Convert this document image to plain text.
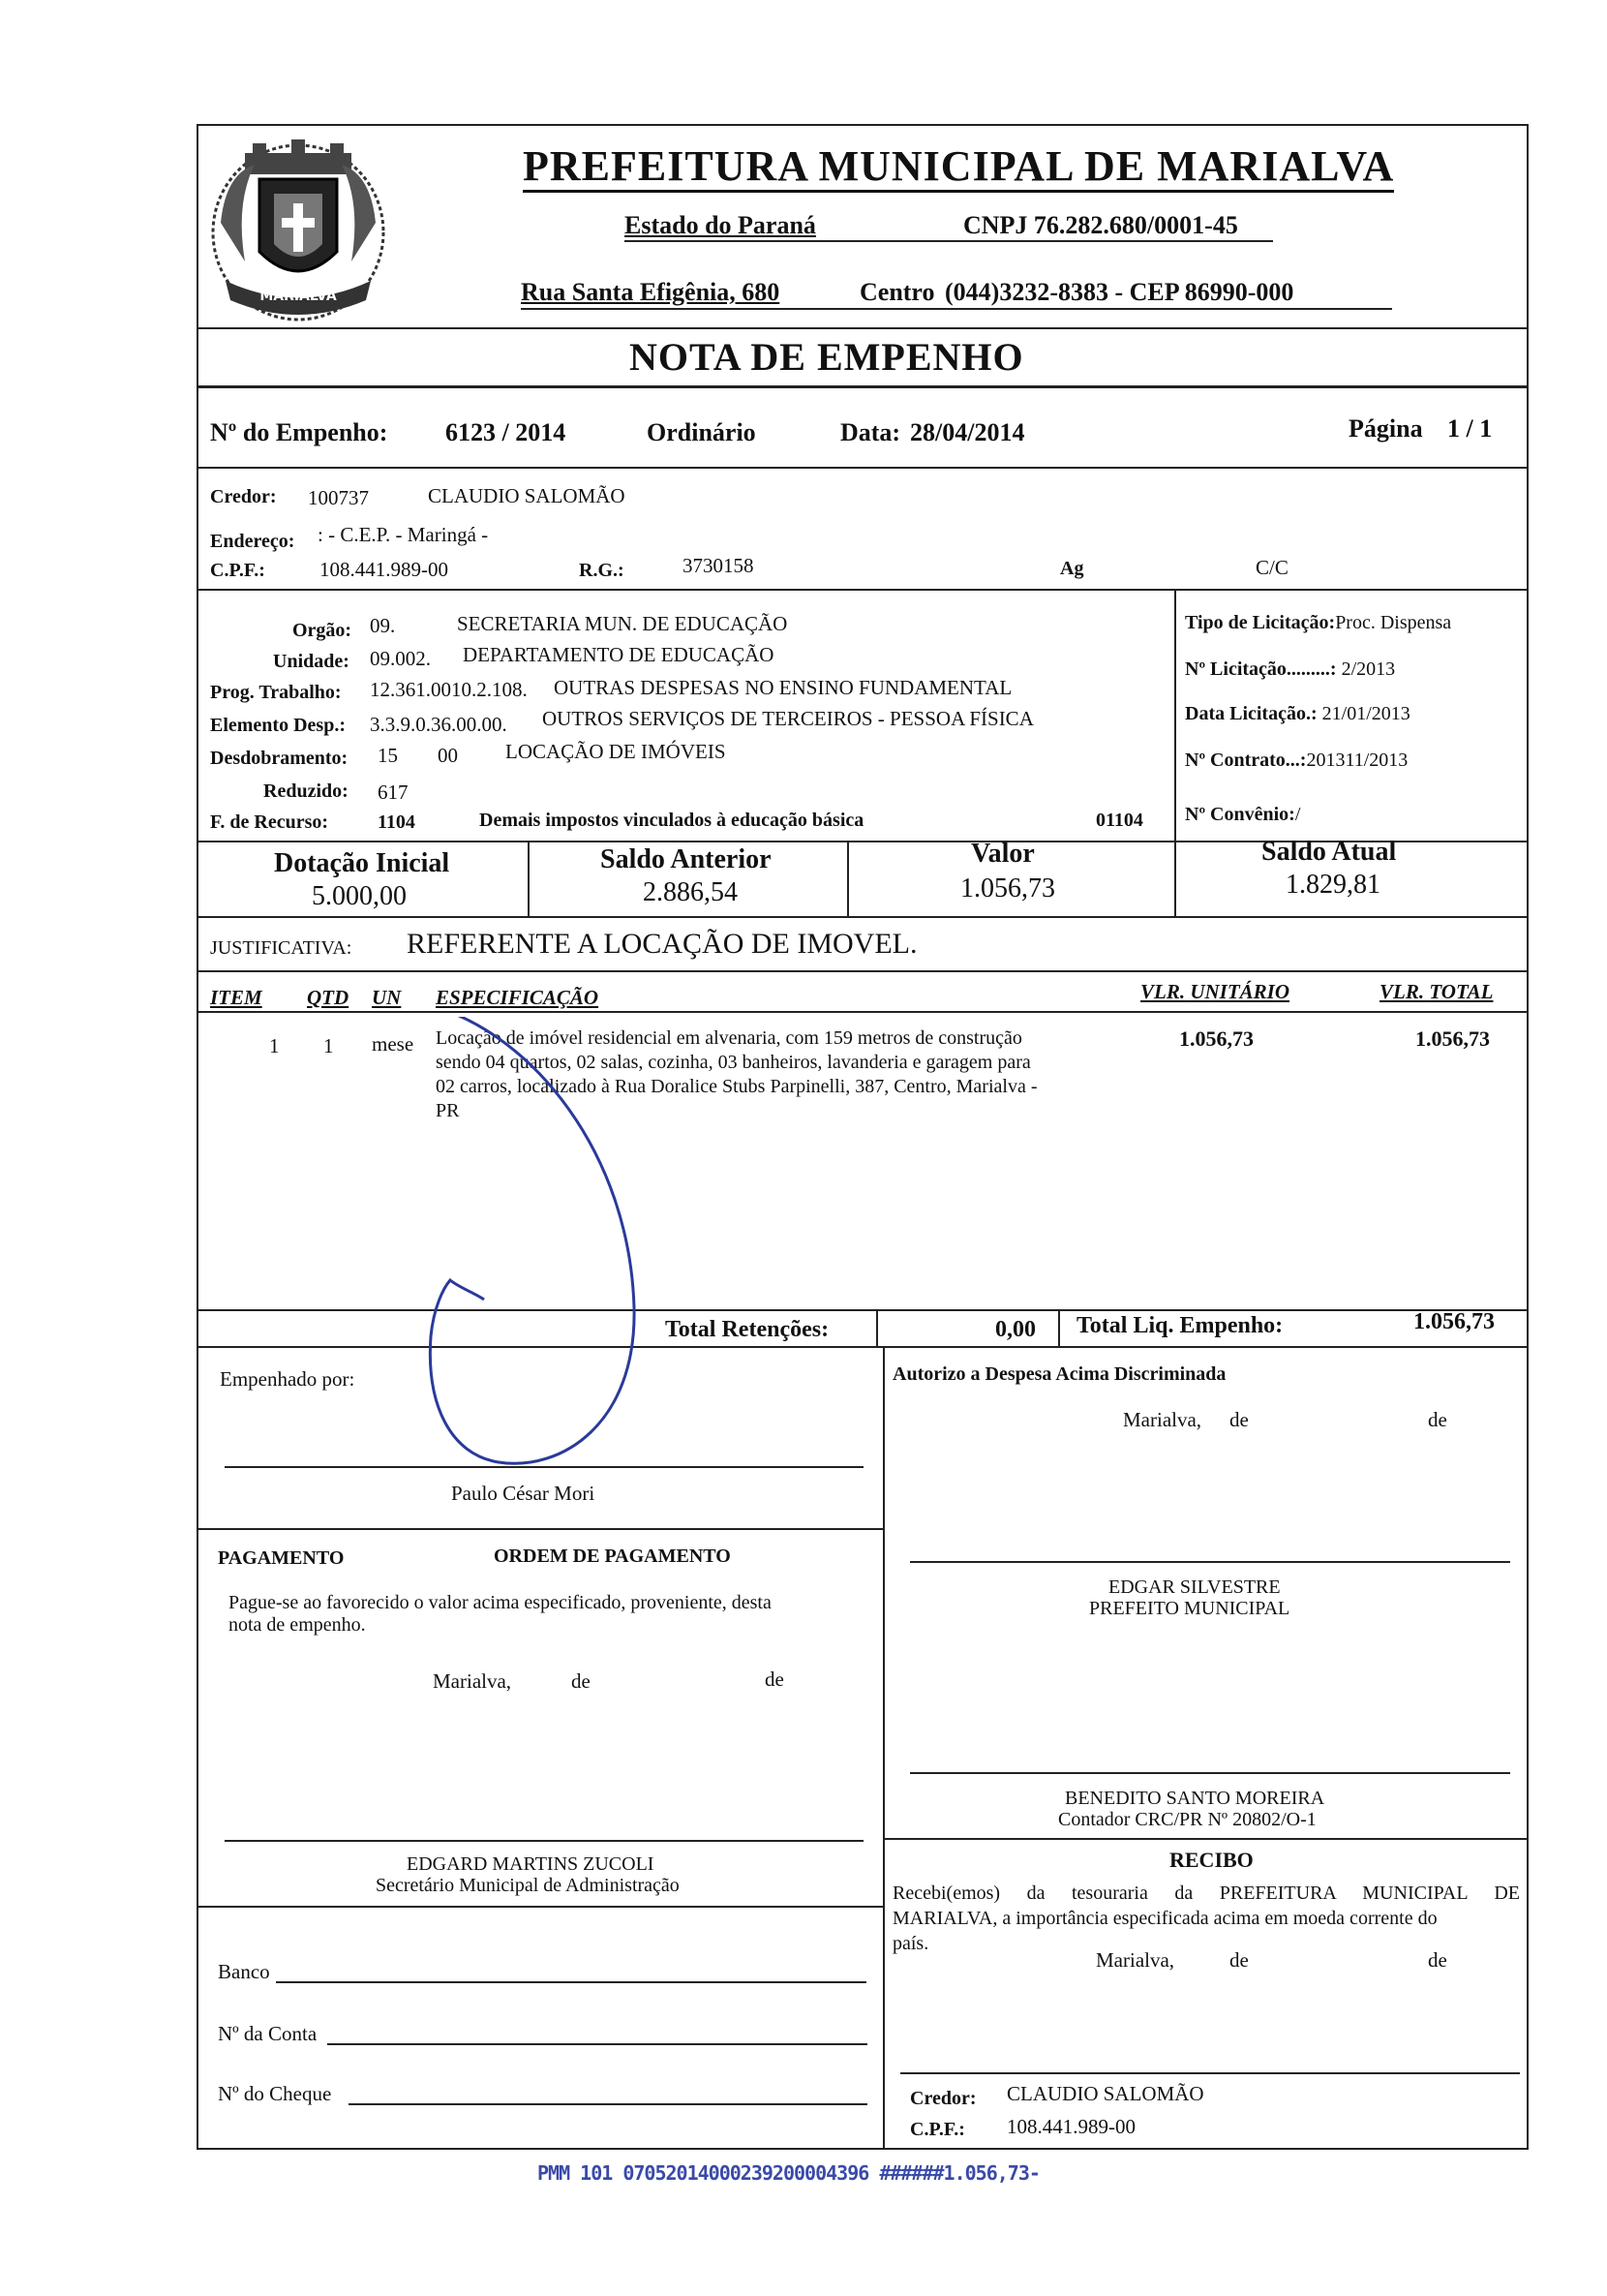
MARIALVA
PREFEITURA MUNICIPAL DE MARIALVA
Estado do Paraná	CNPJ 76.282.680/0001-45
Rua Santa Efigênia, 680	Centro (044)3232-8383 - CEP 86990-000
NOTA DE EMPENHO
Nº do Empenho: 6123 / 2014	Ordinário	Data: 28/04/2014	Página 1 / 1
Credor: 100737	CLAUDIO SALOMÃO
Endereço: : - C.E.P. - Maringá -
C.P.F.:	108.441.989-00	R.G.:	3730158	Ag	C/C
Orgão: 09.	SECRETARIA MUN. DE EDUCAÇÃO
Unidade: 09.002. DEPARTAMENTO DE EDUCAÇÃO
Prog. Trabalho: 12.361.0010.2.108. OUTRAS DESPESAS NO ENSINO FUNDAMENTAL
Elemento Desp.: 3.3.9.0.36.00.00. OUTROS SERVIÇOS DE TERCEIROS - PESSOA FÍSICA
Desdobramento: 15 00 LOCAÇÃO DE IMÓVEIS
Reduzido: 617
F. de Recurso:	1104	Demais impostos vinculados à educação básica	01104
Tipo de Licitação:Proc. Dispensa
Nº Licitação.........: 2/2013
Data Licitação.: 21/01/2013
Nº Contrato...:201311/2013
Nº Convênio:/
Dotação Inicial
5.000,00
Saldo Anterior
2.886,54
Valor
1.056,73
Saldo Atual
1.829,81
JUSTIFICATIVA: REFERENTE A LOCAÇÃO DE IMOVEL.
ITEM QTD UN ESPECIFICAÇÃO	VLR. UNITÁRIO	VLR. TOTAL
1 1 mese Locação de imóvel residencial em alvenaria, com 159 metros de construção
sendo 04 quartos, 02 salas, cozinha, 03 banheiros, lavanderia e garagem para
02 carros, localizado à Rua Doralice Stubs Parpinelli, 387, Centro, Marialva -
PR
1.056,73	1.056,73
Total Retenções:	0,00 Total Liq. Empenho:	1.056,73
Empenhado por:
Paulo César Mori
Autorizo a Despesa Acima Discriminada
Marialva, de	de
EDGAR SILVESTRE
PREFEITO MUNICIPAL
PAGAMENTO	ORDEM DE PAGAMENTO
Pague-se ao favorecido o valor acima especificado, proveniente, desta
nota de empenho.
Marialva,	de	de
EDGARD MARTINS ZUCOLI
Secretário Municipal de Administração
BENEDITO SANTO MOREIRA
Contador CRC/PR Nº 20802/O-1
RECIBO
Recebi(emos) da tesouraria da PREFEITURA MUNICIPAL DE
MARIALVA, a importância especificada acima em moeda corrente do
país.
Marialva,	de	de
Credor: CLAUDIO SALOMÃO
C.P.F.: 108.441.989-00
Banco
Nº da Conta
Nº do Cheque
PMM 101 07052014000239200004396 ######1.056,73-
